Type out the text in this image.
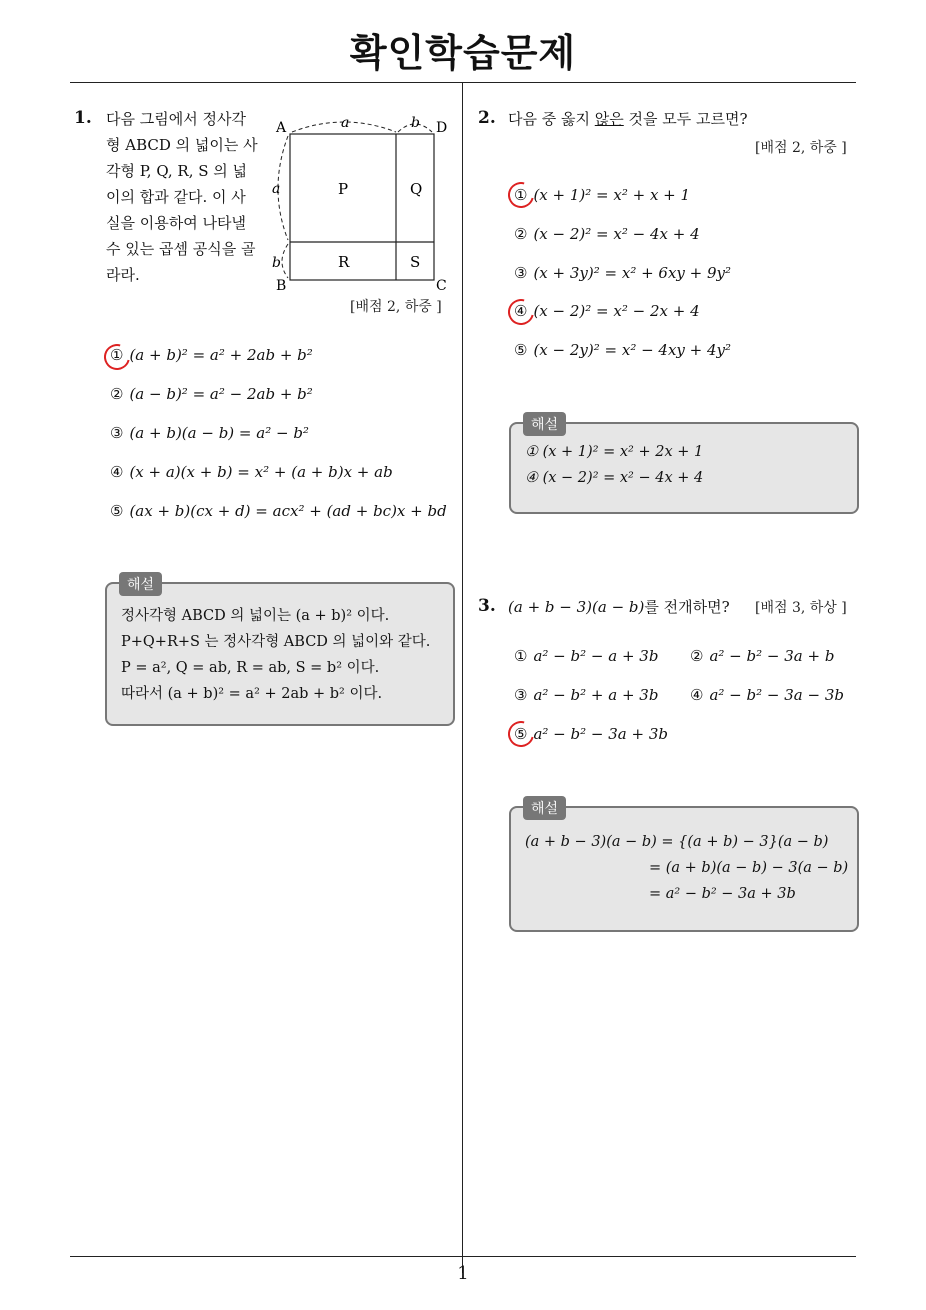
확인학습문제
1
1. 다음 그림에서 정사각
형 ABCD 의 넓이는 사
각형 P, Q, R, S 의 넓
이의 합과 같다. 이 사
실을 이용하여 나타낼
수 있는 곱셈 공식을 골
라라.
A	D
B	C
a	b
a
b
P	Q
R	S
[배점 2, 하중 ]
① (a + b)² = a² + 2ab + b²
② (a − b)² = a² − 2ab + b²
③ (a + b)(a − b) = a² − b²
④ (x + a)(x + b) = x² + (a + b)x + ab
⑤ (ax + b)(cx + d) = acx² + (ad + bc)x + bd
해설
정사각형 ABCD 의 넓이는 (a + b)² 이다.
P+Q+R+S 는 정사각형 ABCD 의 넓이와 같다.
P = a², Q = ab, R = ab, S = b² 이다.
따라서 (a + b)² = a² + 2ab + b² 이다.
2. 다음 중 옳지 않은 것을 모두 고르면?
[배점 2, 하중 ]
① (x + 1)² = x² + x + 1
② (x − 2)² = x² − 4x + 4
③ (x + 3y)² = x² + 6xy + 9y²
④ (x − 2)² = x² − 2x + 4
⑤ (x − 2y)² = x² − 4xy + 4y²
해설
① (x + 1)² = x² + 2x + 1
④ (x − 2)² = x² − 4x + 4
3. (a + b − 3)(a − b)를 전개하면? [배점 3, 하상 ]
① a² − b² − a + 3b ② a² − b² − 3a + b
③ a² − b² + a + 3b ④ a² − b² − 3a − 3b
⑤ a² − b² − 3a + 3b
해설
(a + b − 3)(a − b) = {(a + b) − 3}(a − b)
= (a + b)(a − b) − 3(a − b)
= a² − b² − 3a + 3b
